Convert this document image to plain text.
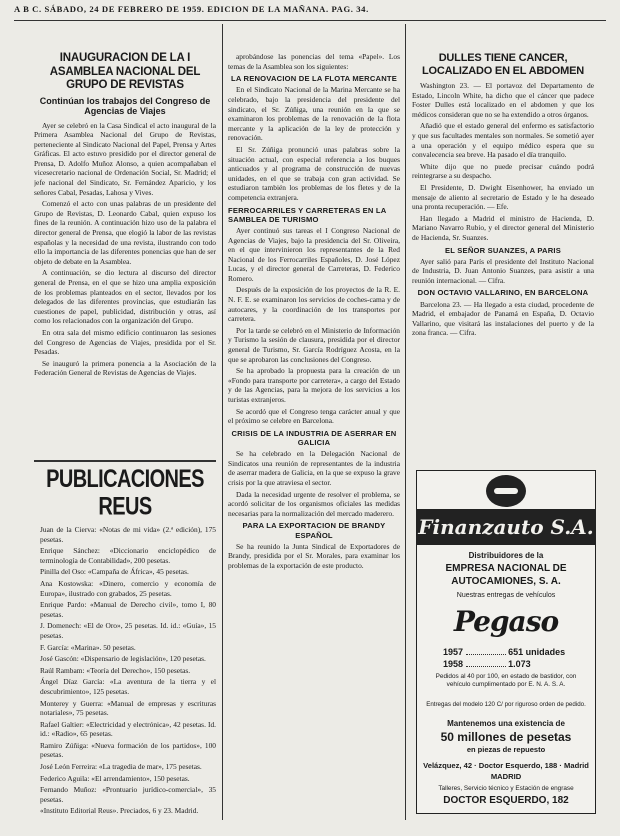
A B C. SÁBADO, 24 DE FEBRERO DE 1959. EDICION DE LA MAÑANA. PAG. 34.
INAUGURACION DE LA I ASAMBLEA NACIONAL DEL GRUPO DE REVISTAS
Continúan los trabajos del Congreso de Agencias de Viajes

Ayer se celebró en la Casa Sindical el acto inaugural de la Primera Asamblea Nacional del Grupo de Revistas, perteneciente al Sindicato Nacional del Papel, Prensa y Artes Gráficas. El acto estuvo presidido por el director general de Prensa, D. Adolfo Muñoz Alonso, a quien acompañaban el vicesecretario nacional de Ordenación Social, Sr. Madrid; el jefe nacional del Sindicato, Sr. Fernández Aparicio, y los señores Cabal, Pesadas, Lahosa y Vives.

Comenzó el acto con unas palabras de un presidente del Grupo de Revistas, D. Leonardo Cabal, quien expuso los fines de la reunión. A continuación hizo uso de la palabra el director general de Prensa, que elogió la labor de las revistas españolas y la necesidad de una revista, ilustrando con todo ello la importancia de las diferentes ponencias que han de ser objeto de debate en la Asamblea.

A continuación, se dio lectura al discurso del director general de Prensa, en el que se hizo una amplia exposición de los problemas planteados en el sector, llevados por los delegados de las diferentes provincias, que estudiarán las cuestiones de papel, publicidad, distribución y otras, así como los relacionados con la organización del Grupo.

En otra sala del mismo edificio continuaron las sesiones del Congreso de Agencias de Viajes, presidida por el Sr. Pesadas.

Se inauguró la primera ponencia a la Asociación de la Federación General de Revistas de Agencias de Viajes.

PUBLICACIONES REUS

Juan de la Cierva: «Notas de mi vida» (2.ª edición), 175 pesetas.

Enrique Sánchez: «Diccionario enciclopédico de terminología de Contabilidad», 200 pesetas.

Pinilla del Oso: «Campaña de África», 45 pesetas.

Ana Kostowska: «Dinero, comercio y economía de Europa», ilustrado con grabados, 25 pesetas.

Enrique Pardo: «Manual de Derecho civil», tomo I, 80 pesetas.

J. Domenech: «El de Oro», 25 pesetas. Id. id.: «Guía», 15 pesetas.

F. García: «Marina». 50 pesetas.

José Gascón: «Dispensario de legislación», 120 pesetas.

Raúl Rambam: «Teoría del Derecho», 150 pesetas.

Ángel Díaz García: «La aventura de la tierra y el descubrimiento», 125 pesetas.

Monterey y Guerra: «Manual de empresas y escrituras notariales», 75 pesetas.

Rafael Galtier: «Electricidad y electrónica», 42 pesetas. Id. id.: «Radio», 65 pesetas.

Ramiro Zúñiga: «Nueva formación de los partidos», 100 pesetas.

José León Ferreira: «La tragedia de mar», 175 pesetas.

Federico Aguila: «El arrendamiento», 150 pesetas.

Fernando Muñoz: «Prontuario jurídico-comercial», 35 pesetas.

«Instituto Editorial Reus». Preciados, 6 y 23. Madrid.

aprobándose las ponencias del tema «Papel». Los temas de la Asamblea son los siguientes:

LA RENOVACION DE LA FLOTA MERCANTE

En el Sindicato Nacional de la Marina Mercante se ha celebrado, bajo la presidencia del presidente del sindicato, el Sr. Zúñiga, una reunión en la que se examinaron los problemas de la renovación de la flota mercante y la aplicación de la ley de protección y renovación.

El Sr. Zúñiga pronunció unas palabras sobre la situación actual, con especial referencia a los buques anticuados y al programa de construcción de nuevas unidades, en el que se trabaja con gran actividad. Se estudiaron también los problemas de los fletes y de la competencia extranjera.

FERROCARRILES Y CARRETERAS EN LA SAMBLEA DE TURISMO

Ayer continuó sus tareas el I Congreso Nacional de Agencias de Viajes, bajo la presidencia del Sr. Oliveira, en el que intervinieron los representantes de la Red Nacional de los Ferrocarriles Españoles, D. José López Lucas, y el director general de Carreteras, D. Federico Romero.

Después de la exposición de los proyectos de la R. E. N. F. E. se examinaron los servicios de coches-cama y de autocares, y la coordinación de los transportes por carretera.

Por la tarde se celebró en el Ministerio de Información y Turismo la sesión de clausura, presidida por el director general de Turismo, Sr. García Rodríguez Acosta, en la que se aprobaron las conclusiones del Congreso.

Se ha aprobado la propuesta para la creación de un «Fondo para transporte por carretera», a cargo del Estado y de las Agencias, para la mejora de los servicios a los turistas extranjeros.

Se acordó que el Congreso tenga carácter anual y que el próximo se celebre en Barcelona.

CRISIS DE LA INDUSTRIA DE ASERRAR EN GALICIA

Se ha celebrado en la Delegación Nacional de Sindicatos una reunión de representantes de la industria de aserrar madera de Galicia, en la que se expuso la grave crisis por la que atraviesa el sector.

Dada la necesidad urgente de resolver el problema, se acordó solicitar de los organismos oficiales las medidas necesarias para la normalización del mercado maderero.

PARA LA EXPORTACION DE BRANDY ESPAÑOL

Se ha reunido la Junta Sindical de Exportadores de Brandy, presidida por el Sr. Morales, para examinar los problemas de la exportación de este producto.

DULLES TIENE CANCER, LOCALIZADO EN EL ABDOMEN

Washington 23. — El portavoz del Departamento de Estado, Lincoln White, ha dicho que el cáncer que padece Foster Dulles está localizado en el abdomen y que los médicos consideran que no se ha extendido a otros órganos.

Añadió que el estado general del enfermo es satisfactorio y que sus facultades mentales son normales. Se sometió ayer a una operación y el equipo médico espera que su convalecencia sea breve. Ha pasado el día tranquilo.

White dijo que no puede precisar cuándo podrá reintegrarse a su despacho.

El Presidente, D. Dwight Eisenhower, ha enviado un mensaje de aliento al secretario de Estado y le ha deseado una pronta recuperación. — Efe.

Han llegado a Madrid el ministro de Hacienda, D. Mariano Navarro Rubio, y el director general del Ministerio de Hacienda, Sr. Suanzes.

EL SEÑOR SUANZES, A PARIS

Ayer salió para París el presidente del Instituto Nacional de Industria, D. Juan Antonio Suanzes, para asistir a una reunión internacional. — Cifra.

DON OCTAVIO VALLARINO, EN BARCELONA

Barcelona 23. — Ha llegado a esta ciudad, procedente de Madrid, el embajador de Panamá en España, D. Octavio Vallarino, que visitará las instalaciones del puerto y de la zona franca. — Cifra.

Finanzauto S.A.
Distribuidores de la
EMPRESA NACIONAL DE
AUTOCAMIONES, S. A.
Nuestras entregas de vehículos
Pegaso
1957	651 unidades
1958	1.073
Pedidos al 40 por 100, en estado de bastidor, con vehículo cumplimentado por E. N. A. S. A.
Entregas del modelo 120 C/ por riguroso orden de pedido.
Mantenemos una existencia de
50 millones de pesetas
en piezas de repuesto
Velázquez, 42 · Doctor Esquerdo, 188 · Madrid
MADRID
Talleres, Servicio técnico y Estación de engrase
DOCTOR ESQUERDO, 182
